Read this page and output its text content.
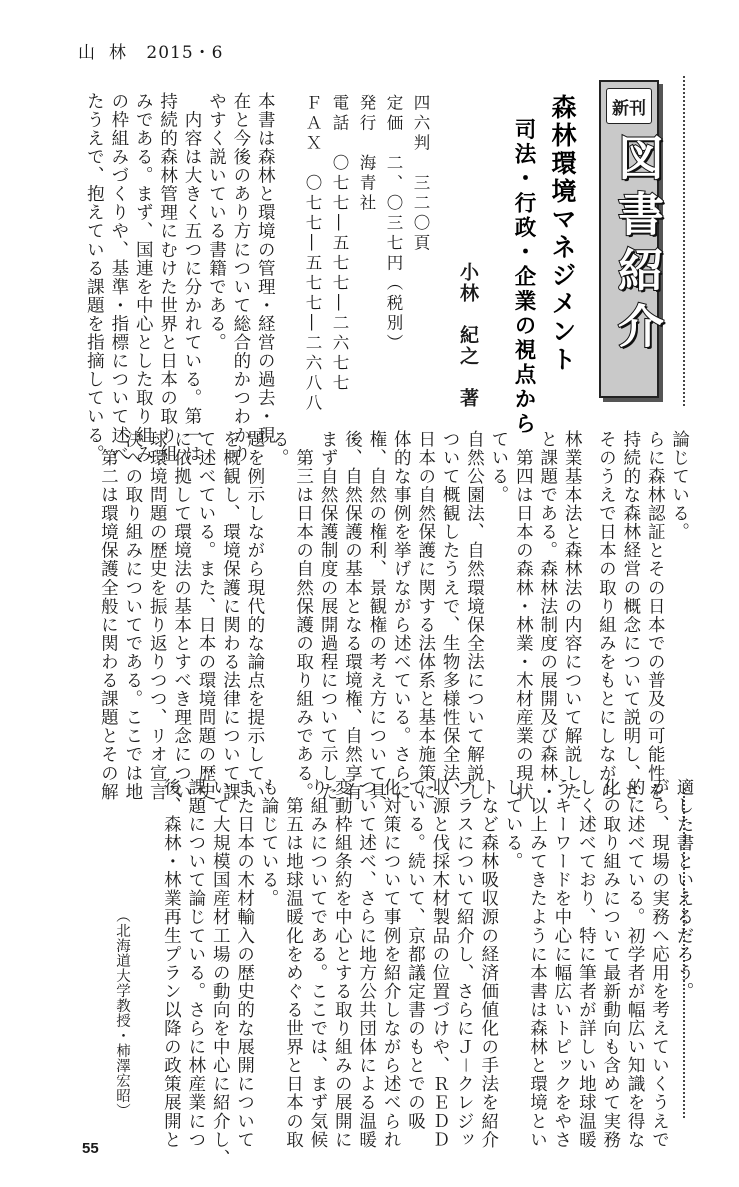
山林 2015・6
新刊
図書紹介
森林環境マネジメント
司法・行政・企業の視点から
小林　紀之　著
四六判　三二〇頁
定価　二、〇三七円（税別）
発行　海青社
電話　〇七七―五七七―二六七七
ＦＡＸ　〇七七―五七七―二六八八
本書は森林と環境の管理・経営の過去・現
在と今後のあり方について総合的かつわかり
やすく説いている書籍である。
　内容は大きく五つに分かれている。第一は
持続的森林管理にむけた世界と日本の取り組
みである。まず、国連を中心とした取り組み
の枠組みづくりや、基準・指標について述べ
たうえで、抱えている課題を指摘している。
林業基本法と森林法の内容について解説した
と課題である。森林法制度の展開及び森林・
　第四は日本の森林・林業・木材産業の現状
ている。
自然公園法、自然環境保全法について解説し
ついて概観したうえで、生物多様性保全法、
日本の自然保護に関する法体系と基本施策に
体的な事例を挙げながら述べている。さらに
権、自然の権利、景観権の考え方について具
後、自然保護の基本となる環境権、自然享有
まず自然保護制度の展開過程について示した
　第三は日本の自然保護の取り組みである。
る。
題を例示しながら現代的な論点を提示してい
を概観し、環境保護に関わる法律について課
て述べている。また、日本の環境問題の歴史
に依拠して環境法の基本とすべき理念につい
球環境問題の歴史を振り返りつつ、リオ宣言
決への取り組みについてである。ここでは地
　第二は環境保護全般に関わる課題とその解	論じている。
らに森林認証とその日本での普及の可能性を
持続的な森林経営の概念について説明し、さ
そのうえで日本の取り組みをもとにしながら
適した書といえるだろう。
がら、現場の実務へ応用を考えていくうえで
的に述べている。初学者が幅広い知識を得な
化の取り組みについて最新動向も含めて実務
しく述べており、特に筆者が詳しい地球温暖
うキーワードを中心に幅広いトピックをやさ
　以上みてきたように本書は森林と環境とい
している。
トなど森林吸収源の経済価値化の手法を紹介
プラスについて紹介し、さらにＪ－クレジッ
収源と伐採木材製品の位置づけや、ＲＥＤＤ
ている。続いて、京都議定書のもとでの吸
化対策について事例を紹介しながら述べられ
ついて述べ、さらに地方公共団体による温暖
変動枠組条約を中心とする取り組みの展開に
り組みについてである。ここでは、まず気候
　第五は地球温暖化をめぐる世界と日本の取
も論じている。
また日本の木材輸入の歴史的な展開について
いて大規模国産材工場の動向を中心に紹介し、
課題について論じている。さらに林産業につ
後、森林・林業再生プラン以降の政策展開と
（北海道大学教授・柿澤宏昭）
55
